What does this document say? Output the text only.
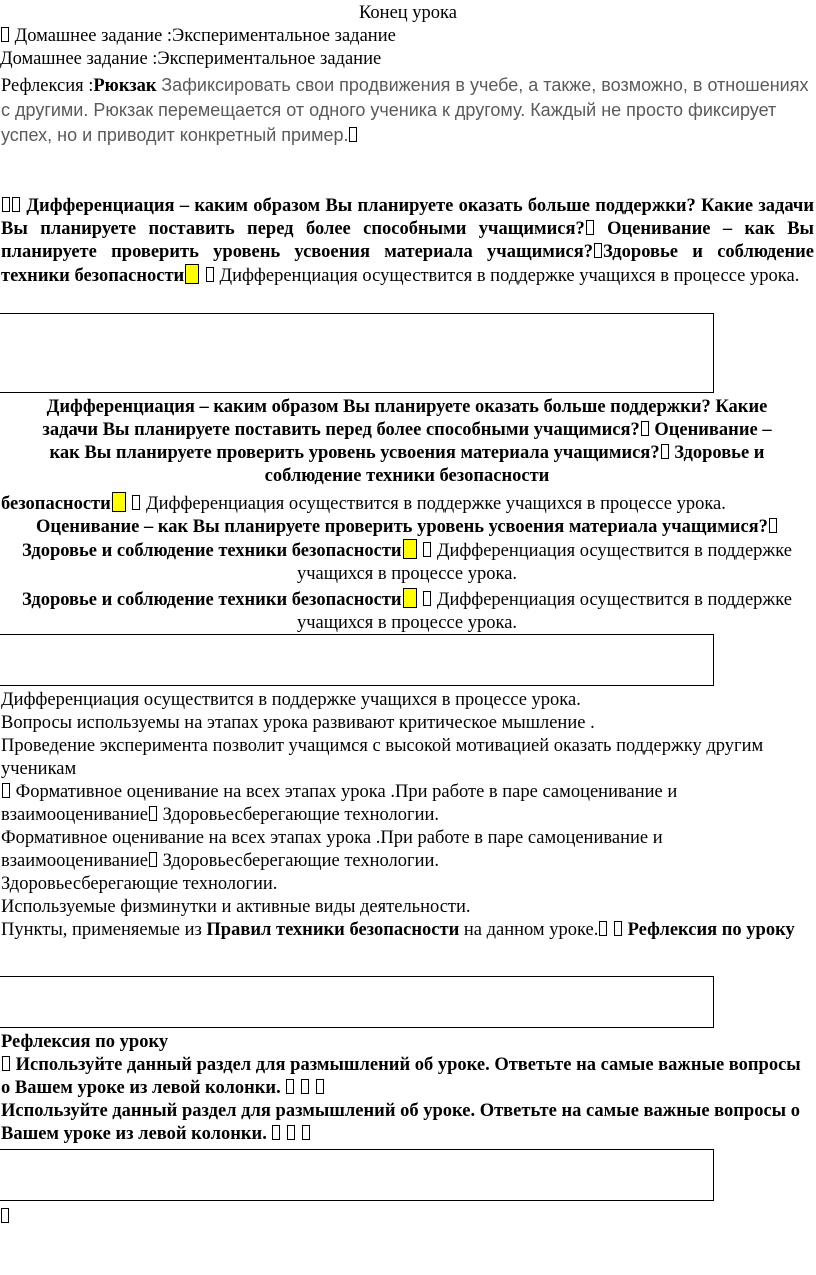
Конец урока
Домашнее задание :Экспериментальное задание
Домашнее задание :Экспериментальное задание

Рефлексия :Рюкзак Зафиксировать свои продвижения в учебе, а также, возможно, в отношениях с другими. Рюкзак перемещается от одного ученика к другому. Каждый не просто фиксирует успех, но и приводит конкретный пример.

Дифференциация – каким образом Вы планируете оказать больше поддержки? Какие задачи Вы планируете поставить перед более способными учащимися? Оценивание – как Вы планируете проверить уровень усвоения материала учащимися? Здоровье и соблюдение техники безопасности Дифференциация осуществится в поддержке учащихся в процессе урока.

Дифференциация – каким образом Вы планируете оказать больше поддержки? Какие задачи Вы планируете поставить перед более способными учащимися? Оценивание – как Вы планируете проверить уровень усвоения материала учащимися? Здоровье и соблюдение техники безопасности

безопасности Дифференциация осуществится в поддержке учащихся в процессе урока.

Оценивание – как Вы планируете проверить уровень усвоения материала учащимися? Здоровье и соблюдение техники безопасности Дифференциация осуществится в поддержке учащихся в процессе урока.

Здоровье и соблюдение техники безопасности Дифференциация осуществится в поддержке учащихся в процессе урока.

Дифференциация осуществится в поддержке учащихся в процессе урока.

Вопросы используемы на этапах урока развивают критическое мышление .

Проведение эксперимента позволит учащимся с высокой мотивацией оказать поддержку другим ученикам

Формативное оценивание на всех этапах урока .При работе в паре самоценивание и взаимооценивание Здоровьесберегающие технологии.

Формативное оценивание на всех этапах урока .При работе в паре самоценивание и взаимооценивание Здоровьесберегающие технологии.

Здоровьесберегающие технологии.

Используемые физминутки и активные виды деятельности.

Пункты, применяемые из Правил техники безопасности на данном уроке. Рефлексия по уроку

Рефлексия по уроку

Используйте данный раздел для размышлений об уроке. Ответьте на самые важные вопросы о Вашем уроке из левой колонки.

Используйте данный раздел для размышлений об уроке. Ответьте на самые важные вопросы о Вашем уроке из левой колонки.
